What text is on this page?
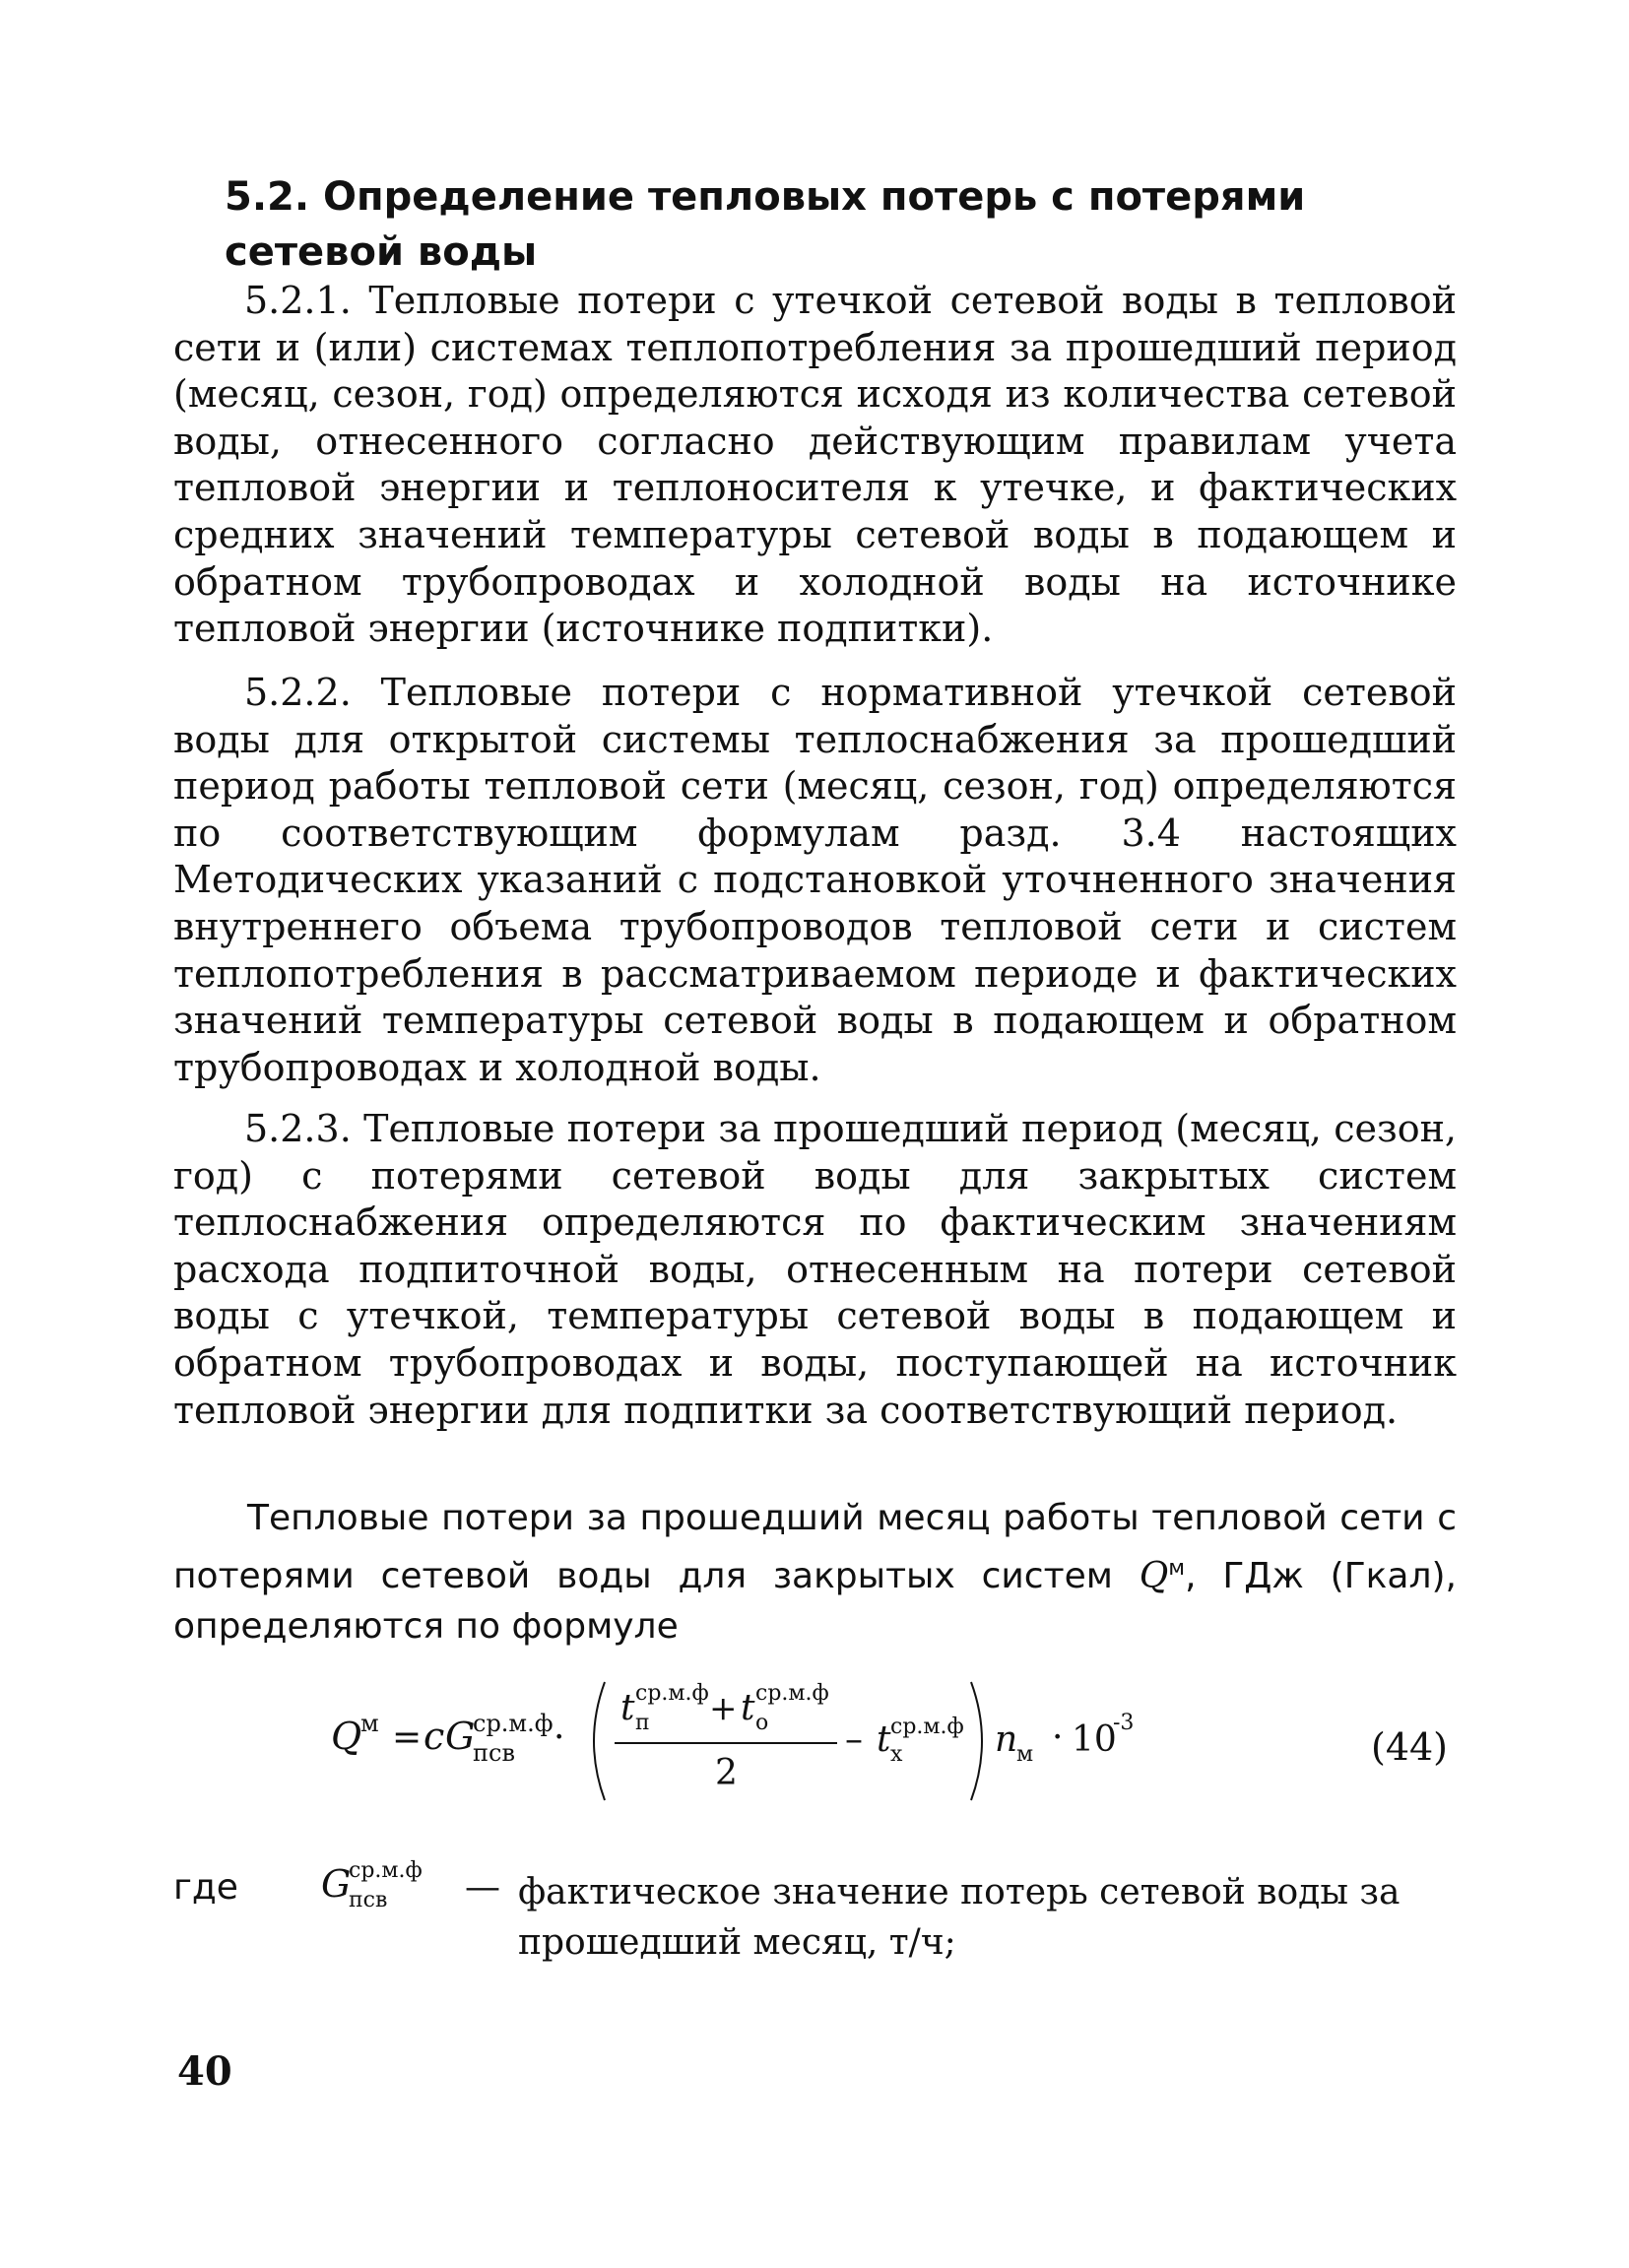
5.2. Определение тепловых потерь с потерями сетевой воды

5.2.1. Тепловые потери с утечкой сетевой воды в тепловой сети и (или) системах теплопотребления за прошедший период (месяц, сезон, год) определяются исходя из количества сетевой воды, отнесенного согласно действующим правилам учета тепловой энергии и теплоносителя к утечке, и фактических средних значений температуры сетевой воды в подающем и обратном трубопроводах и холодной воды на источнике тепловой энергии (источнике подпитки).

5.2.2. Тепловые потери с нормативной утечкой сетевой воды для открытой системы теплоснабжения за прошедший период работы тепловой сети (месяц, сезон, год) определяются по соответствующим формулам разд. 3.4 настоящих Методических указаний с подстановкой уточненного значения внутреннего объема трубопроводов тепловой сети и систем теплопотребления в рассматриваемом периоде и фактических значений температуры сетевой воды в подающем и обратном трубопроводах и холодной воды.

5.2.3. Тепловые потери за прошедший период (месяц, сезон, год) с потерями сетевой воды для закрытых систем теплоснабжения определяются по фактическим значениям расхода подпиточной воды, отнесенным на потери сетевой воды с утечкой, температуры сетевой воды в подающем и обратном трубопроводах и воды, поступающей на источник тепловой энергии для подпитки за соответствующий период.

Тепловые потери за прошедший месяц работы тепловой сети с потерями сетевой воды для закрытых систем $Q^м$, ГДж (Гкал), определяются по формуле

Q
м = c G
ср.м.ф
псв ·
t ср.м.ф
п + t ср.м.ф
о
2
– t ср.м.ф
х	n
м · 10
-3
(44)
где G
ср.м.ф
псв — фактическое значение потерь сетевой воды за прошедший месяц, т/ч;
40
